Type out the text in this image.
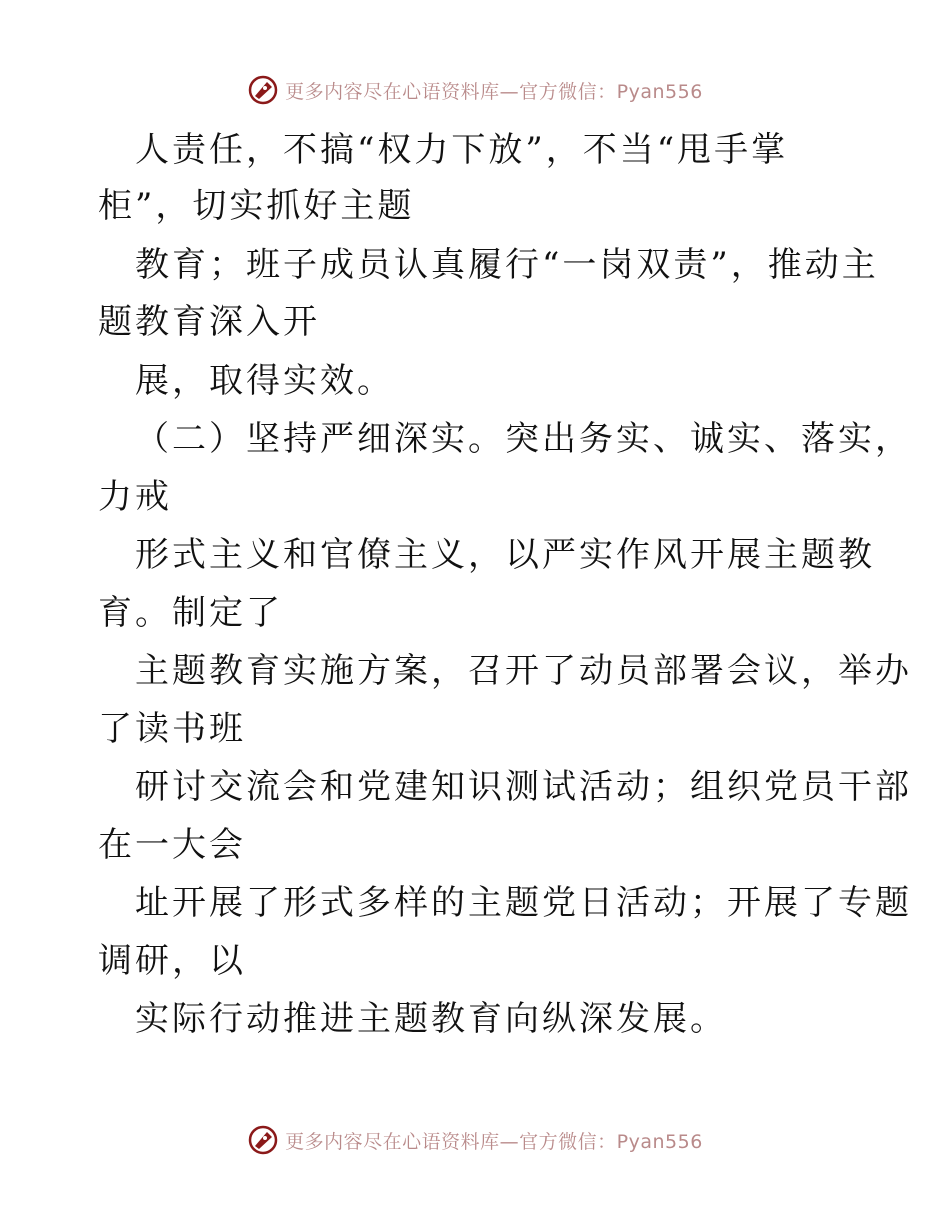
更多内容尽在心语资料库—官方微信：Pyan556
人责任，不搞“权力下放”，不当“甩手掌
柜”，切实抓好主题
教育；班子成员认真履行“一岗双责”，推动主
题教育深入开
展，取得实效。
（二）坚持严细深实。突出务实、诚实、落实，
力戒
形式主义和官僚主义，以严实作风开展主题教
育。制定了
主题教育实施方案，召开了动员部署会议，举办
了读书班
研讨交流会和党建知识测试活动；组织党员干部
在一大会
址开展了形式多样的主题党日活动；开展了专题
调研，以
实际行动推进主题教育向纵深发展。
更多内容尽在心语资料库—官方微信：Pyan556
